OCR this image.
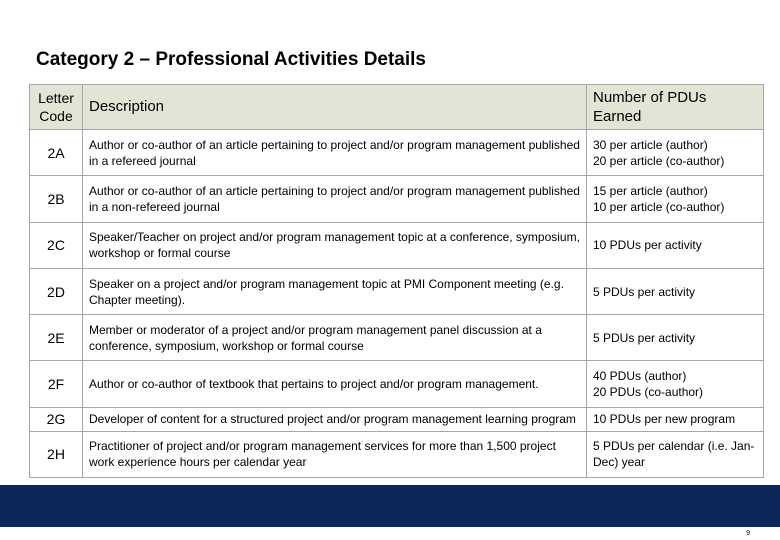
Category 2 – Professional Activities Details
Letter Code	Description	Number of PDUs Earned
2A	Author or co-author of an article pertaining to project and/or program management published in a refereed journal	30 per article (author)
20 per article (co-author)

2B	Author or co-author of an article pertaining to project and/or program management published in a non-refereed journal	15 per article (author)
10 per article (co-author)

2C	Speaker/Teacher on project and/or program management topic at a conference, symposium, workshop or formal course	10 PDUs per activity

2D	Speaker on a project and/or program management topic at PMI Component meeting (e.g. Chapter meeting).	5 PDUs per activity

2E	Member or moderator of a project and/or program management panel discussion at a conference, symposium, workshop or formal course	5 PDUs per activity

2F	Author or co-author of textbook that pertains to project and/or program management.	40 PDUs (author)
20 PDUs (co-author)

2G	Developer of content for a structured project and/or program management learning program	10 PDUs per new program

2H	Practitioner of project and/or program management services for more than 1,500 project work experience hours per calendar year	5 PDUs per calendar (i.e. Jan-Dec) year
9
